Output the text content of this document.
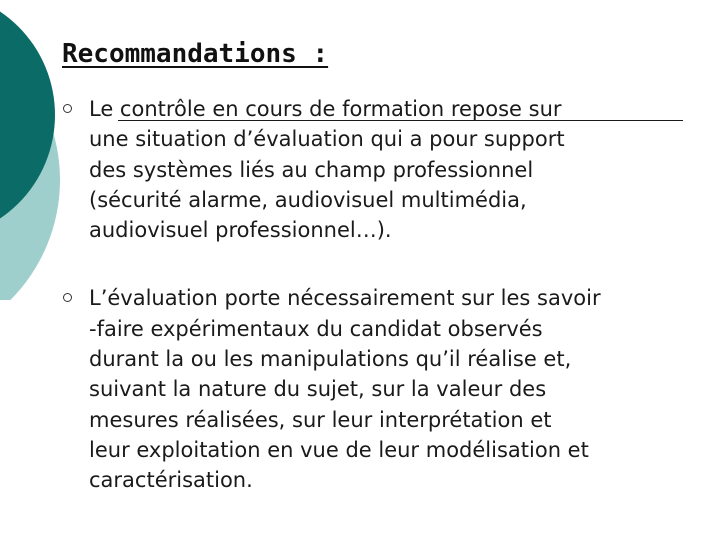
Recommandations :
Le contrôle en cours de formation repose sur
une situation d’évaluation qui a pour support
des systèmes liés au champ professionnel
(sécurité alarme, audiovisuel multimédia,
audiovisuel professionnel…).
L’évaluation porte nécessairement sur les savoir
-faire expérimentaux du candidat observés
durant la ou les manipulations qu’il réalise et,
suivant la nature du sujet, sur la valeur des
mesures réalisées, sur leur interprétation et
leur exploitation en vue de leur modélisation et
caractérisation.
